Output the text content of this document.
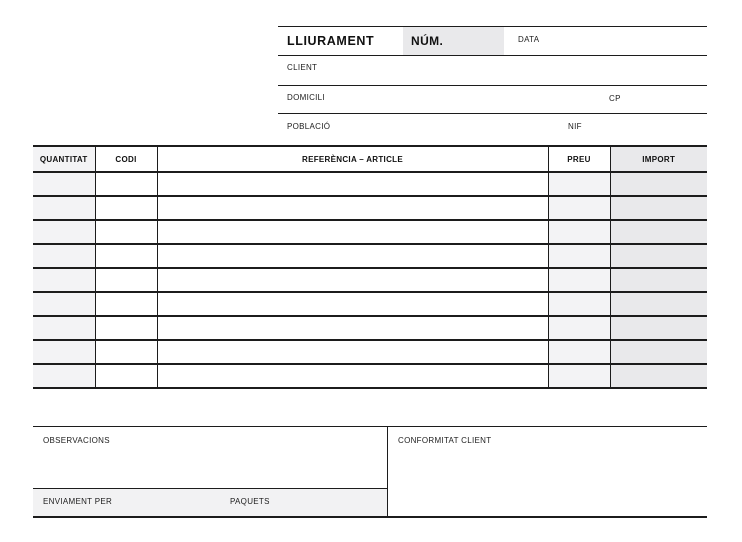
LLIURAMENT	NÚM.	DATA
CLIENT
DOMICILI	CP
POBLACIÓ	NIF
QUANTITAT	CODI	REFERÈNCIA – ARTICLE	PREU	IMPORT

OBSERVACIONS
ENVIAMENT PER	PAQUETS
CONFORMITAT CLIENT
